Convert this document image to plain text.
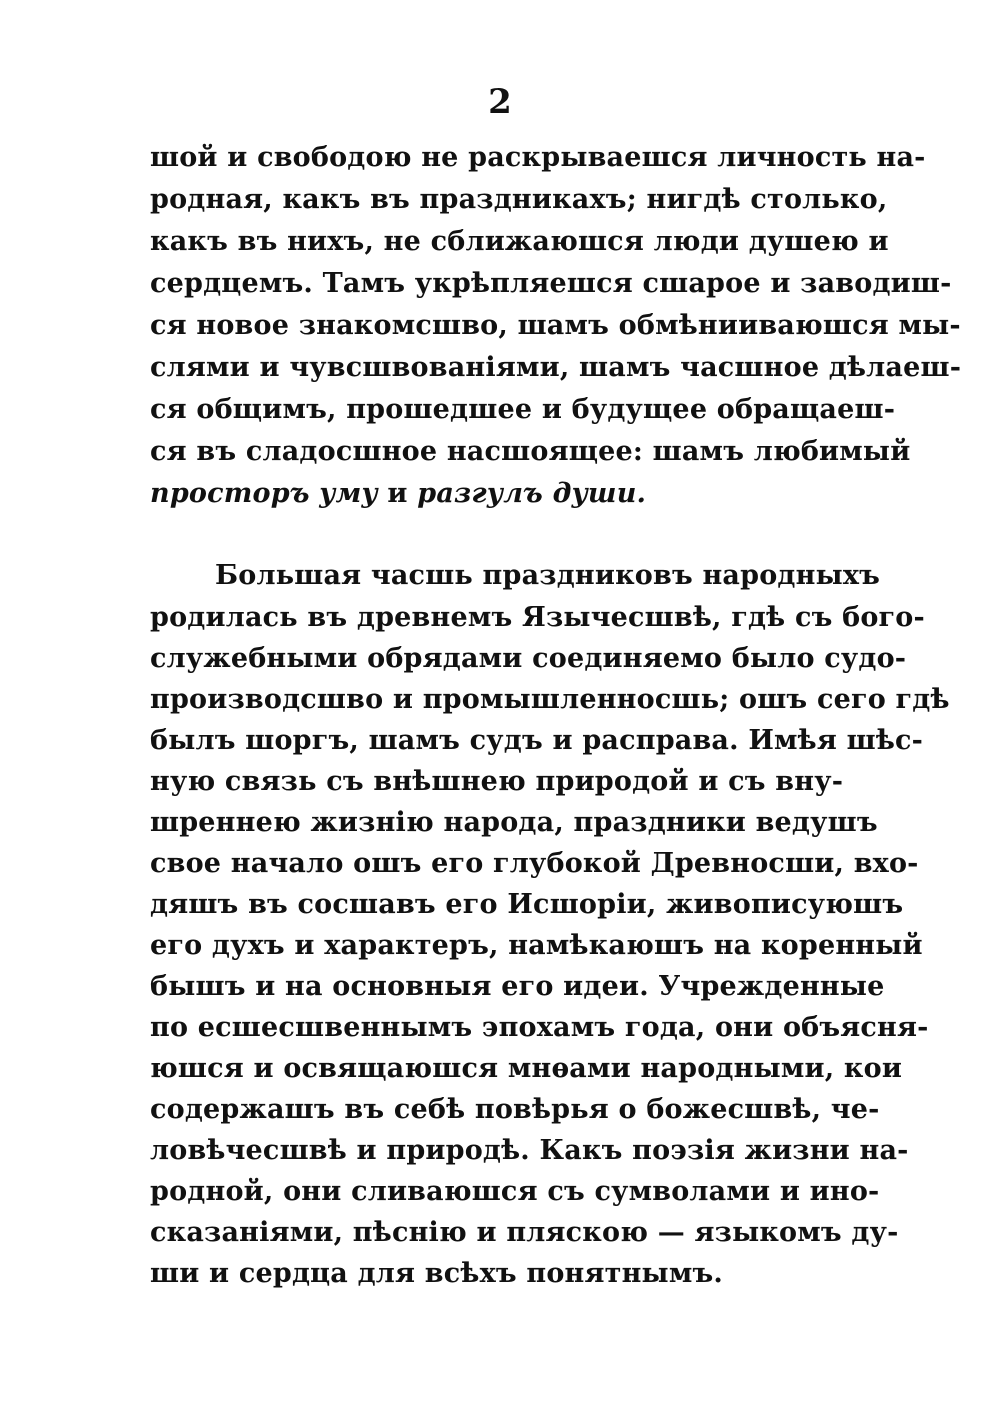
2
шой и свободою не раскрываешся личность на-
родная, какъ въ праздникахъ; нигдѣ столько,
какъ въ нихъ, не сближаюшся люди душею и
сердцемъ. Тамъ укрѣпляешся сшарое и заводиш-
ся новое знакомсшво, шамъ обмѣнииваюшся мы-
слями и чувсшвованіями, шамъ часшное дѣлаеш-
ся общимъ, прошедшее и будущее обращаеш-
ся въ сладосшное насшоящее: шамъ любимый
просторъ уму и разгулъ души.
Большая часшь праздниковъ народныхъ
родилась въ древнемъ Язычесшвѣ, гдѣ съ бого-
служебными обрядами соединяемо было судо-
производсшво и промышленносшь; ошъ сего гдѣ
былъ шоргъ, шамъ судъ и расправа. Имѣя шѣс-
ную связь съ внѣшнею природой и съ вну-
шреннею жизнію народа, праздники ведушъ
свое начало ошъ его глубокой Древносши, вхо-
дяшъ въ сосшавъ его Исшоріи, живописуюшъ
его духъ и характеръ, намѣкаюшъ на коренный
бышъ и на основныя его идеи. Учрежденные
по есшесшвеннымъ эпохамъ года, они объясня-
юшся и освящаюшся мнѳами народными, кои
содержашъ въ себѣ повѣрья о божесшвѣ, че-
ловѣчесшвѣ и природѣ. Какъ поэзія жизни на-
родной, они сливаюшся съ сумволами и ино-
сказаніями, пѣснію и пляскою — языкомъ ду-
ши и сердца для всѣхъ понятнымъ.
